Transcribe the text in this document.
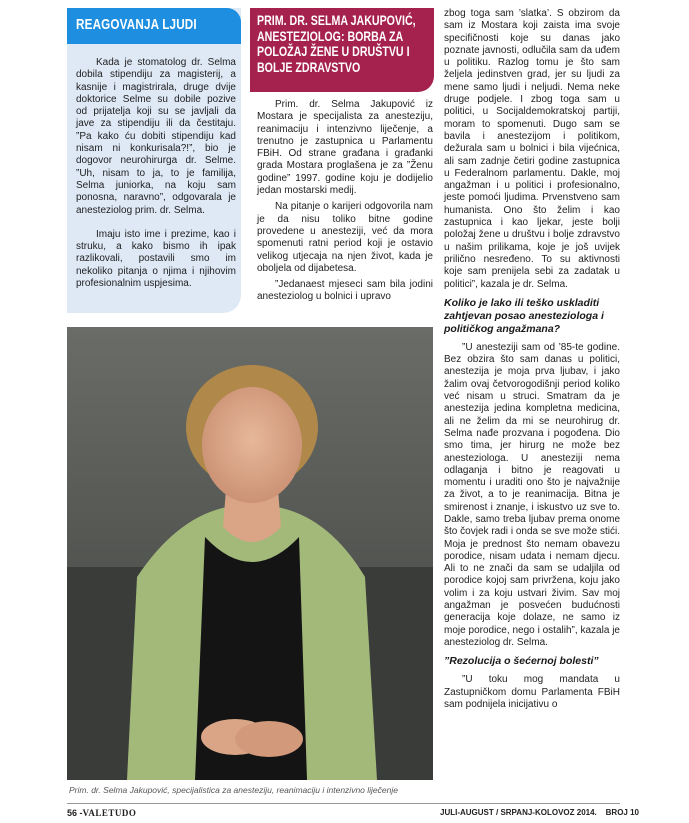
REAGOVANJA LJUDI

Kada je stomatolog dr. Selma dobila stipendiju za magisterij, a kasnije i magistrirala, druge dvije doktorice Selme su dobile pozive od prijatelja koji su se javljali da jave za stipendiju ili da čestitaju. ”Pa kako ću dobiti stipendiju kad nisam ni konkurisala?!”, bio je dogovor neurohirurga dr. Selme. ”Uh, nisam to ja, to je familija, Selma juniorka, na koju sam ponosna, naravno”, odgovarala je anesteziolog prim. dr. Selma.

Imaju isto ime i prezime, kao i struku, a kako bismo ih ipak razlikovali, postavili smo im nekoliko pitanja o njima i njihovim profesionalnim uspjesima.

PRIM. DR. SELMA JAKUPOVIĆ, ANESTEZIOLOG: BORBA ZA POLOŽAJ ŽENE U DRUŠTVU I BOLJE ZDRAVSTVO

Prim. dr. Selma Jakupović iz Mostara je specijalista za anesteziju, reanimaciju i intenzivno liječenje, a trenutno je zastupnica u Parlamentu FBiH. Od strane građana i građanki grada Mostara proglašena je za ”Ženu godine” 1997. godine koju je dodijelio jedan mostarski medij.

Na pitanje o karijeri odgovorila nam je da nisu toliko bitne godine provedene u anesteziji, već da mora spomenuti ratni period koji je ostavio velikog utjecaja na njen život, kada je oboljela od dijabetesa.

”Jedanaest mjeseci sam bila jodini anesteziolog u bolnici i upravo

zbog toga sam ’slatka’. S obzirom da sam iz Mostara koji zaista ima svoje specifičnosti koje su danas jako poznate javnosti, odlučila sam da uđem u politiku. Razlog tomu je što sam željela jedinstven grad, jer su ljudi za mene samo ljudi i neljudi. Nema neke druge podjele. I zbog toga sam u politici, u Socijaldemokratskoj partiji, moram to spomenuti. Dugo sam se bavila i anestezijom i politikom, dežurala sam u bolnici i bila vijećnica, ali sam zadnje četiri godine zastupnica u Federalnom parlamentu. Dakle, moj angažman i u politici i profesionalno, jeste pomoći ljudima. Prvenstveno sam humanista. Ono što želim i kao zastupnica i kao ljekar, jeste bolji položaj žene u društvu i bolje zdravstvo u našim prilikama, koje je još uvijek prilično nesređeno. To su aktivnosti koje sam prenijela sebi za zadatak u politici”, kazala je dr. Selma.

Koliko je lako ili teško uskladiti zahtjevan posao anesteziologa i političkog angažmana?

”U anesteziji sam od ’85-te godine. Bez obzira što sam danas u politici, anestezija je moja prva ljubav, i jako žalim ovaj četvorogodišnji period koliko već nisam u struci. Smatram da je anestezija jedina kompletna medicina, ali ne želim da mi se neurohirug dr. Selma nađe prozvana i pogođena. Dio smo tima, jer hirurg ne može bez anesteziologa. U anesteziji nema odlaganja i bitno je reagovati u momentu i uraditi ono što je najvažnije za život, a to je reanimacija. Bitna je smirenost i znanje, i iskustvo uz sve to. Dakle, samo treba ljubav prema onome što čovjek radi i onda se sve može stići. Moja je prednost što nemam obavezu porodice, nisam udata i nemam djecu. Ali to ne znači da sam se udaljila od porodice kojoj sam privržena, koju jako volim i za koju ustvari živim. Sav moj angažman je posvećen budućnosti generacija koje dolaze, ne samo iz moje porodice, nego i ostalih”, kazala je anesteziolog dr. Selma.

”Rezolucija o šećernoj bolesti”

”U toku mog mandata u Zastupničkom domu Parlamenta FBiH sam podnijela inicijativu o

Prim. dr. Selma Jakupović, specijalistica za anesteziju, reanimaciju i intenzivno liječenje
56 -VALETUDO	JULI-AUGUST / SRPANJ-KOLOVOZ 2014. BROJ 10
